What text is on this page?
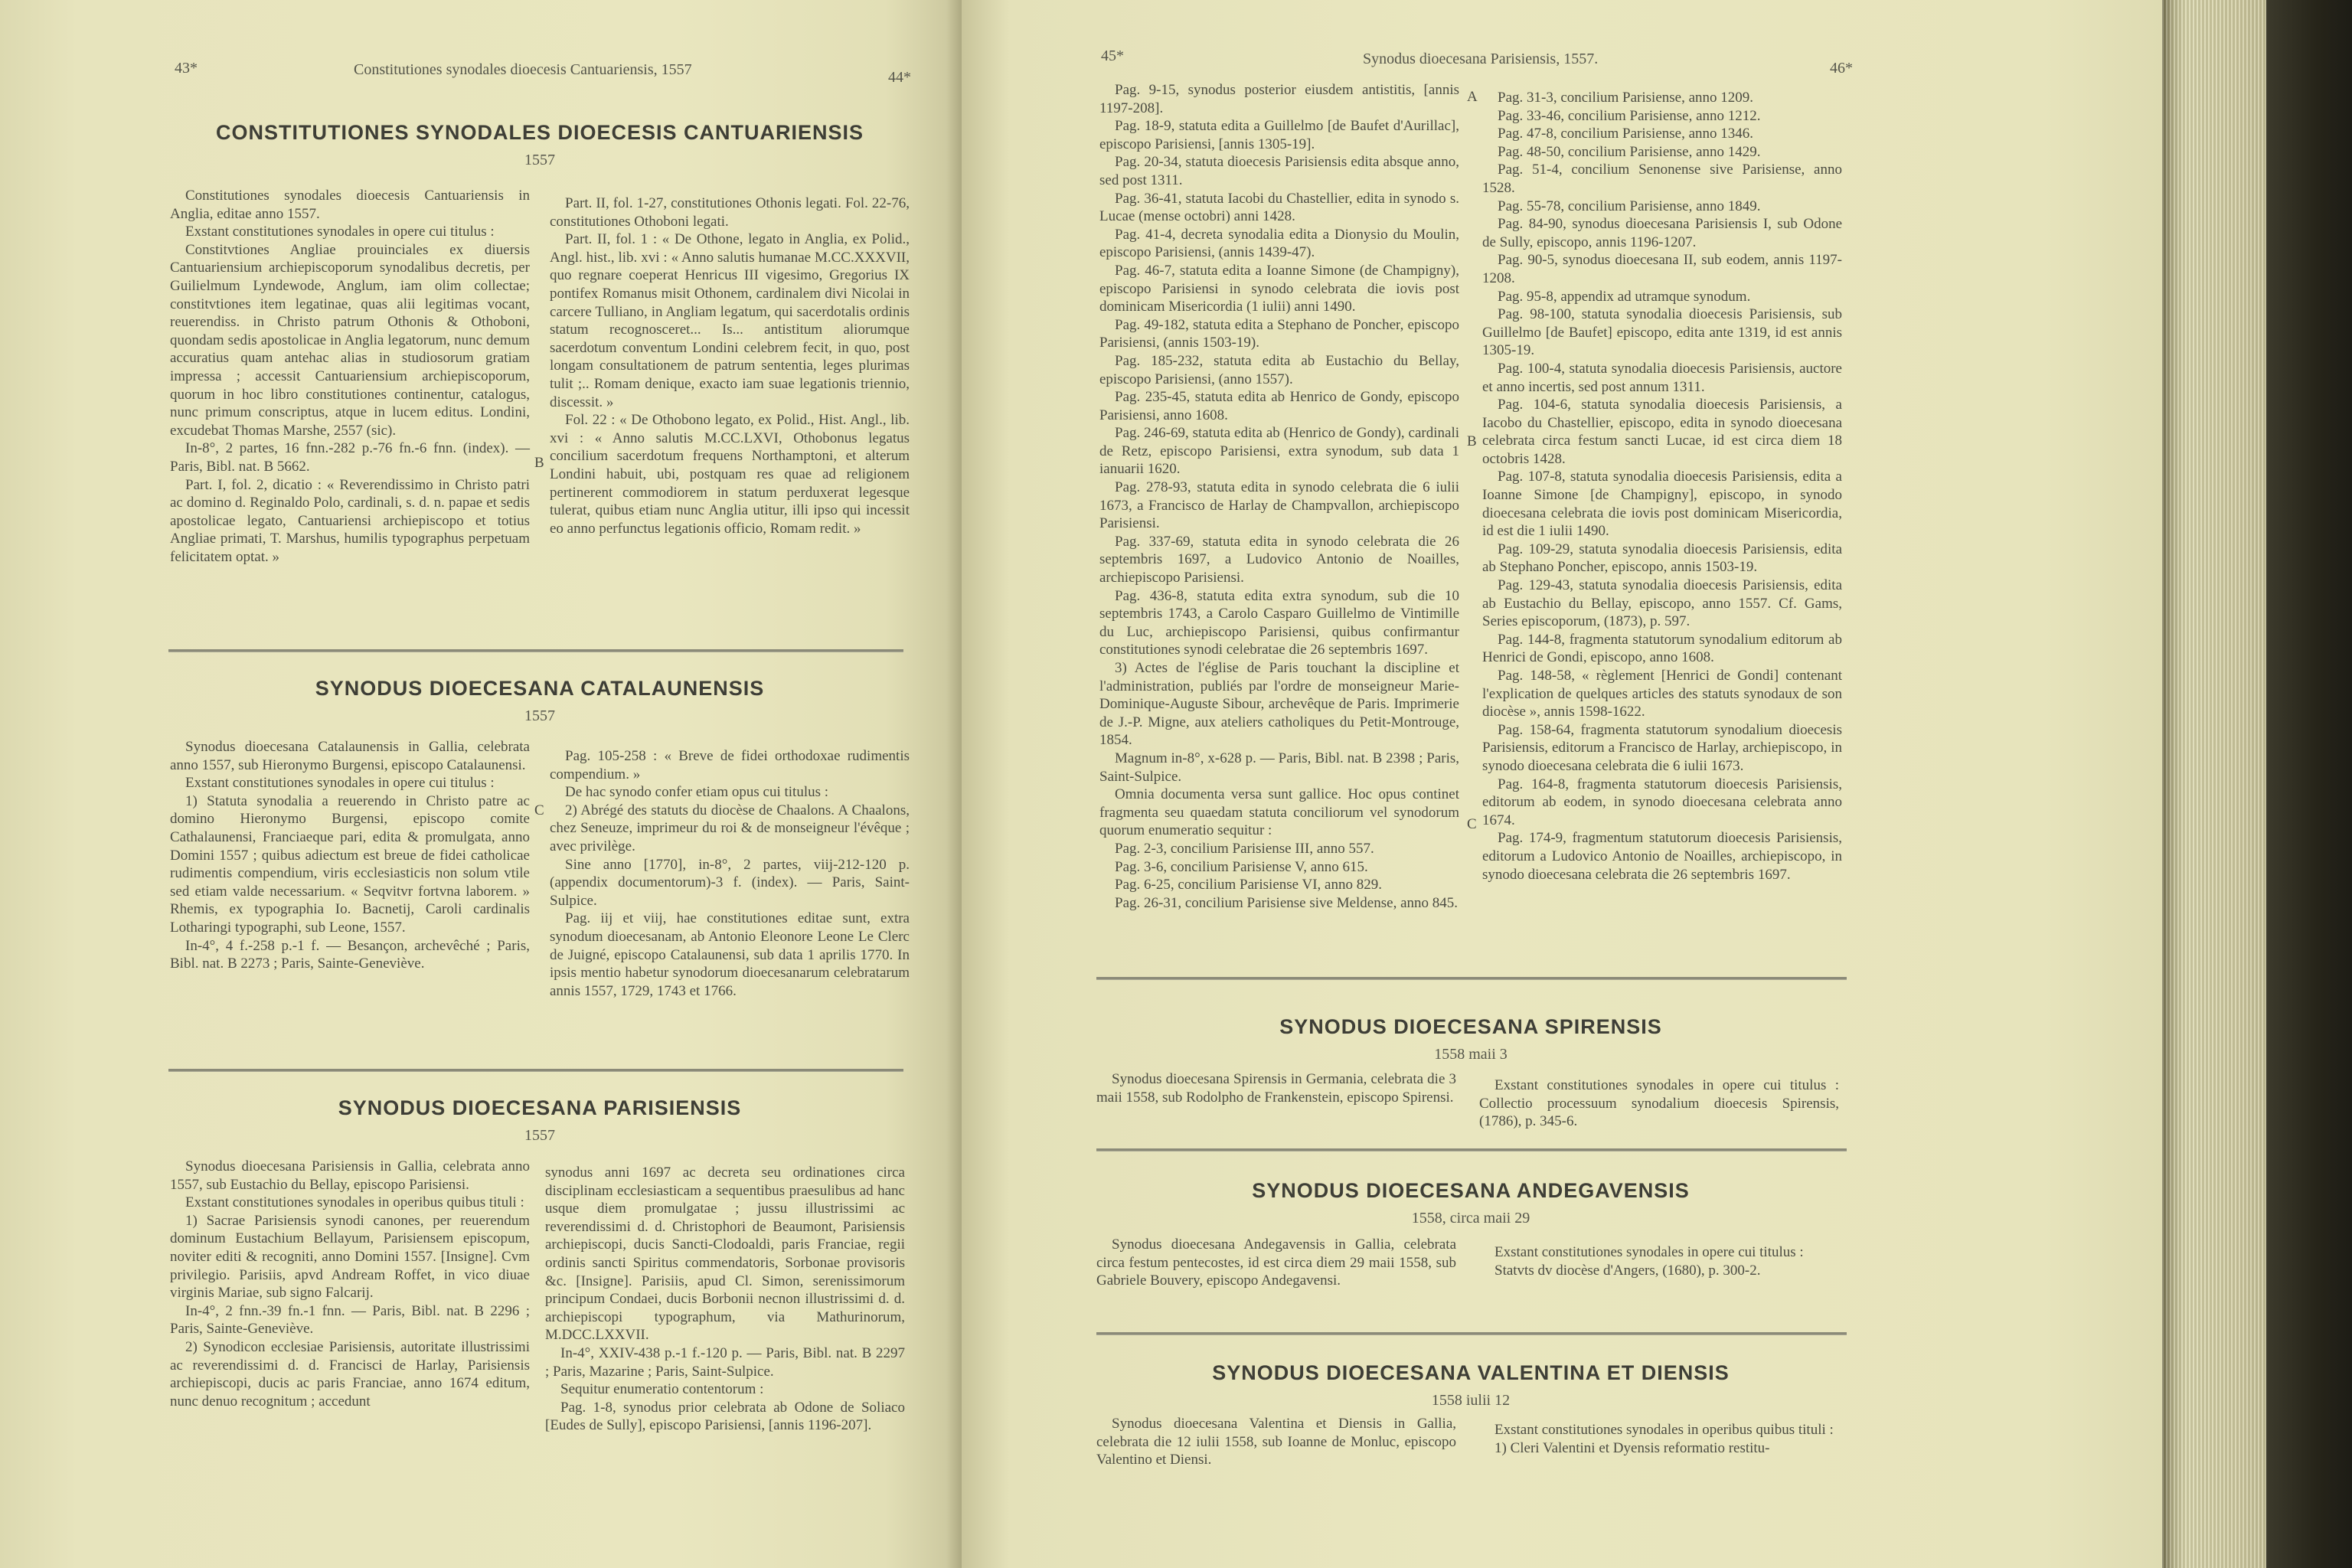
43*	Constitutiones synodales dioecesis Cantuariensis, 1557	44*
CONSTITUTIONES SYNODALES DIOECESIS CANTUARIENSIS
1557

Constitutiones synodales dioecesis Cantuariensis in Anglia, editae anno 1557.

Exstant constitutiones synodales in opere cui titulus :

Constitvtiones Angliae prouinciales ex diuersis Cantuariensium archiepiscoporum synodalibus decretis, per Guilielmum Lyndewode, Anglum, iam olim collectae; constitvtiones item legatinae, quas alii legitimas vocant, reuerendiss. in Christo patrum Othonis & Othoboni, quondam sedis apostolicae in Anglia legatorum, nunc demum accuratius quam antehac alias in studiosorum gratiam impressa ; accessit Cantuariensium archiepiscoporum, quorum in hoc libro constitutiones continentur, catalogus, nunc primum conscriptus, atque in lucem editus. Londini, excudebat Thomas Marshe, 2557 (sic).

In-8°, 2 partes, 16 fnn.-282 p.-76 fn.-6 fnn. (index). — Paris, Bibl. nat. B 5662.

Part. I, fol. 2, dicatio : « Reverendissimo in Christo patri ac domino d. Reginaldo Polo, cardinali, s. d. n. papae et sedis apostolicae legato, Cantuariensi archiepiscopo et totius Angliae primati, T. Marshus, humilis typographus perpetuam felicitatem optat. »

B

Part. II, fol. 1-27, constitutiones Othonis legati. Fol. 22-76, constitutiones Othoboni legati.

Part. II, fol. 1 : « De Othone, legato in Anglia, ex Polid., Angl. hist., lib. xvi : « Anno salutis humanae M.CC.XXXVII, quo regnare coeperat Henricus III vigesimo, Gregorius IX pontifex Romanus misit Othonem, cardinalem divi Nicolai in carcere Tulliano, in Angliam legatum, qui sacerdotalis ordinis statum recognosceret... Is... antistitum aliorumque sacerdotum conventum Londini celebrem fecit, in quo, post longam consultationem de patrum sententia, leges plurimas tulit ;.. Romam denique, exacto iam suae legationis triennio, discessit. »

Fol. 22 : « De Othobono legato, ex Polid., Hist. Angl., lib. xvi : « Anno salutis M.CC.LXVI, Othobonus legatus concilium sacerdotum frequens Northamptoni, et alterum Londini habuit, ubi, postquam res quae ad religionem pertinerent commodiorem in statum perduxerat legesque tulerat, quibus etiam nunc Anglia utitur, illi ipso qui incessit eo anno perfunctus legationis officio, Romam redit. »

SYNODUS DIOECESANA CATALAUNENSIS
1557

Synodus dioecesana Catalaunensis in Gallia, celebrata anno 1557, sub Hieronymo Burgensi, episcopo Catalaunensi.

Exstant constitutiones synodales in opere cui titulus :

1) Statuta synodalia a reuerendo in Christo patre ac domino Hieronymo Burgensi, episcopo comite Cathalaunensi, Franciaeque pari, edita & promulgata, anno Domini 1557 ; quibus adiectum est breue de fidei catholicae rudimentis compendium, viris ecclesiasticis non solum vtile sed etiam valde necessarium. « Seqvitvr fortvna laborem. » Rhemis, ex typographia Io. Bacnetij, Caroli cardinalis Lotharingi typographi, sub Leone, 1557.

In-4°, 4 f.-258 p.-1 f. — Besançon, archevêché ; Paris, Bibl. nat. B 2273 ; Paris, Sainte-Geneviève.

C

Pag. 105-258 : « Breve de fidei orthodoxae rudimentis compendium. »

De hac synodo confer etiam opus cui titulus :

2) Abrégé des statuts du diocèse de Chaalons. A Chaalons, chez Seneuze, imprimeur du roi & de monseigneur l'évêque ; avec privilège.

Sine anno [1770], in-8°, 2 partes, viij-212-120 p. (appendix documentorum)-3 f. (index). — Paris, Saint-Sulpice.

Pag. iij et viij, hae constitutiones editae sunt, extra synodum dioecesanam, ab Antonio Eleonore Leone Le Clerc de Juigné, episcopo Catalaunensi, sub data 1 aprilis 1770. In ipsis mentio habetur synodorum dioecesanarum celebratarum annis 1557, 1729, 1743 et 1766.

SYNODUS DIOECESANA PARISIENSIS
1557

Synodus dioecesana Parisiensis in Gallia, celebrata anno 1557, sub Eustachio du Bellay, episcopo Parisiensi.

Exstant constitutiones synodales in operibus quibus tituli :

1) Sacrae Parisiensis synodi canones, per reuerendum dominum Eustachium Bellayum, Parisiensem episcopum, noviter editi & recogniti, anno Domini 1557. [Insigne]. Cvm privilegio. Parisiis, apvd Andream Roffet, in vico diuae virginis Mariae, sub signo Falcarij.

In-4°, 2 fnn.-39 fn.-1 fnn. — Paris, Bibl. nat. B 2296 ; Paris, Sainte-Geneviève.

2) Synodicon ecclesiae Parisiensis, autoritate illustrissimi ac reverendissimi d. d. Francisci de Harlay, Parisiensis archiepiscopi, ducis ac paris Franciae, anno 1674 editum, nunc denuo recognitum ; accedunt

synodus anni 1697 ac decreta seu ordinationes circa disciplinam ecclesiasticam a sequentibus praesulibus ad hanc usque diem promulgatae ; jussu illustrissimi ac reverendissimi d. d. Christophori de Beaumont, Parisiensis archiepiscopi, ducis Sancti-Clodoaldi, paris Franciae, regii ordinis sancti Spiritus commendatoris, Sorbonae provisoris &c. [Insigne]. Parisiis, apud Cl. Simon, serenissimorum principum Condaei, ducis Borbonii necnon illustrissimi d. d. archiepiscopi typographum, via Mathurinorum, M.DCC.LXXVII.

In-4°, XXIV-438 p.-1 f.-120 p. — Paris, Bibl. nat. B 2297 ; Paris, Mazarine ; Paris, Saint-Sulpice.

Sequitur enumeratio contentorum :

Pag. 1-8, synodus prior celebrata ab Odone de Soliaco [Eudes de Sully], episcopo Parisiensi, [annis 1196-207].

45*	Synodus dioecesana Parisiensis, 1557.
46*

Pag. 9-15, synodus posterior eiusdem antistitis, [annis 1197-208].

Pag. 18-9, statuta edita a Guillelmo [de Baufet d'Aurillac], episcopo Parisiensi, [annis 1305-19].

Pag. 20-34, statuta dioecesis Parisiensis edita absque anno, sed post 1311.

Pag. 36-41, statuta Iacobi du Chastellier, edita in synodo s. Lucae (mense octobri) anni 1428.

Pag. 41-4, decreta synodalia edita a Dionysio du Moulin, episcopo Parisiensi, (annis 1439-47).

Pag. 46-7, statuta edita a Ioanne Simone (de Champigny), episcopo Parisiensi in synodo celebrata die iovis post dominicam Misericordia (1 iulii) anni 1490.

Pag. 49-182, statuta edita a Stephano de Poncher, episcopo Parisiensi, (annis 1503-19).

Pag. 185-232, statuta edita ab Eustachio du Bellay, episcopo Parisiensi, (anno 1557).

Pag. 235-45, statuta edita ab Henrico de Gondy, episcopo Parisiensi, anno 1608.

Pag. 246-69, statuta edita ab (Henrico de Gondy), cardinali de Retz, episcopo Parisiensi, extra synodum, sub data 1 ianuarii 1620.

Pag. 278-93, statuta edita in synodo celebrata die 6 iulii 1673, a Francisco de Harlay de Champvallon, archiepiscopo Parisiensi.

Pag. 337-69, statuta edita in synodo celebrata die 26 septembris 1697, a Ludovico Antonio de Noailles, archiepiscopo Parisiensi.

Pag. 436-8, statuta edita extra synodum, sub die 10 septembris 1743, a Carolo Casparo Guillelmo de Vintimille du Luc, archiepiscopo Parisiensi, quibus confirmantur constitutiones synodi celebratae die 26 septembris 1697.

3) Actes de l'église de Paris touchant la discipline et l'administration, publiés par l'ordre de monseigneur Marie-Dominique-Auguste Sibour, archevêque de Paris. Imprimerie de J.-P. Migne, aux ateliers catholiques du Petit-Montrouge, 1854.

Magnum in-8°, x-628 p. — Paris, Bibl. nat. B 2398 ; Paris, Saint-Sulpice.

Omnia documenta versa sunt gallice. Hoc opus continet fragmenta seu quaedam statuta conciliorum vel synodorum quorum enumeratio sequitur :

Pag. 2-3, concilium Parisiense III, anno 557.

Pag. 3-6, concilium Parisiense V, anno 615.

Pag. 6-25, concilium Parisiense VI, anno 829.

Pag. 26-31, concilium Parisiense sive Meldense, anno 845.

A
B
C

Pag. 31-3, concilium Parisiense, anno 1209.

Pag. 33-46, concilium Parisiense, anno 1212.

Pag. 47-8, concilium Parisiense, anno 1346.

Pag. 48-50, concilium Parisiense, anno 1429.

Pag. 51-4, concilium Senonense sive Parisiense, anno 1528.

Pag. 55-78, concilium Parisiense, anno 1849.

Pag. 84-90, synodus dioecesana Parisiensis I, sub Odone de Sully, episcopo, annis 1196-1207.

Pag. 90-5, synodus dioecesana II, sub eodem, annis 1197-1208.

Pag. 95-8, appendix ad utramque synodum.

Pag. 98-100, statuta synodalia dioecesis Parisiensis, sub Guillelmo [de Baufet] episcopo, edita ante 1319, id est annis 1305-19.

Pag. 100-4, statuta synodalia dioecesis Parisiensis, auctore et anno incertis, sed post annum 1311.

Pag. 104-6, statuta synodalia dioecesis Parisiensis, a Iacobo du Chastellier, episcopo, edita in synodo dioecesana celebrata circa festum sancti Lucae, id est circa diem 18 octobris 1428.

Pag. 107-8, statuta synodalia dioecesis Parisiensis, edita a Ioanne Simone [de Champigny], episcopo, in synodo dioecesana celebrata die iovis post dominicam Misericordia, id est die 1 iulii 1490.

Pag. 109-29, statuta synodalia dioecesis Parisiensis, edita ab Stephano Poncher, episcopo, annis 1503-19.

Pag. 129-43, statuta synodalia dioecesis Parisiensis, edita ab Eustachio du Bellay, episcopo, anno 1557. Cf. Gams, Series episcoporum, (1873), p. 597.

Pag. 144-8, fragmenta statutorum synodalium editorum ab Henrici de Gondi, episcopo, anno 1608.

Pag. 148-58, « règlement [Henrici de Gondi] contenant l'explication de quelques articles des statuts synodaux de son diocèse », annis 1598-1622.

Pag. 158-64, fragmenta statutorum synodalium dioecesis Parisiensis, editorum a Francisco de Harlay, archiepiscopo, in synodo dioecesana celebrata die 6 iulii 1673.

Pag. 164-8, fragmenta statutorum dioecesis Parisiensis, editorum ab eodem, in synodo dioecesana celebrata anno 1674.

Pag. 174-9, fragmentum statutorum dioecesis Parisiensis, editorum a Ludovico Antonio de Noailles, archiepiscopo, in synodo dioecesana celebrata die 26 septembris 1697.

SYNODUS DIOECESANA SPIRENSIS
1558 maii 3

Synodus dioecesana Spirensis in Germania, celebrata die 3 maii 1558, sub Rodolpho de Frankenstein, episcopo Spirensi.

Exstant constitutiones synodales in opere cui titulus : Collectio processuum synodalium dioecesis Spirensis, (1786), p. 345-6.

SYNODUS DIOECESANA ANDEGAVENSIS
1558, circa maii 29

Synodus dioecesana Andegavensis in Gallia, celebrata circa festum pentecostes, id est circa diem 29 maii 1558, sub Gabriele Bouvery, episcopo Andegavensi.

Exstant constitutiones synodales in opere cui titulus :

Statvts dv diocèse d'Angers, (1680), p. 300-2.

SYNODUS DIOECESANA VALENTINA ET DIENSIS
1558 iulii 12

Synodus dioecesana Valentina et Diensis in Gallia, celebrata die 12 iulii 1558, sub Ioanne de Monluc, episcopo Valentino et Diensi.

Exstant constitutiones synodales in operibus quibus tituli :

1) Cleri Valentini et Dyensis reformatio restitu-
